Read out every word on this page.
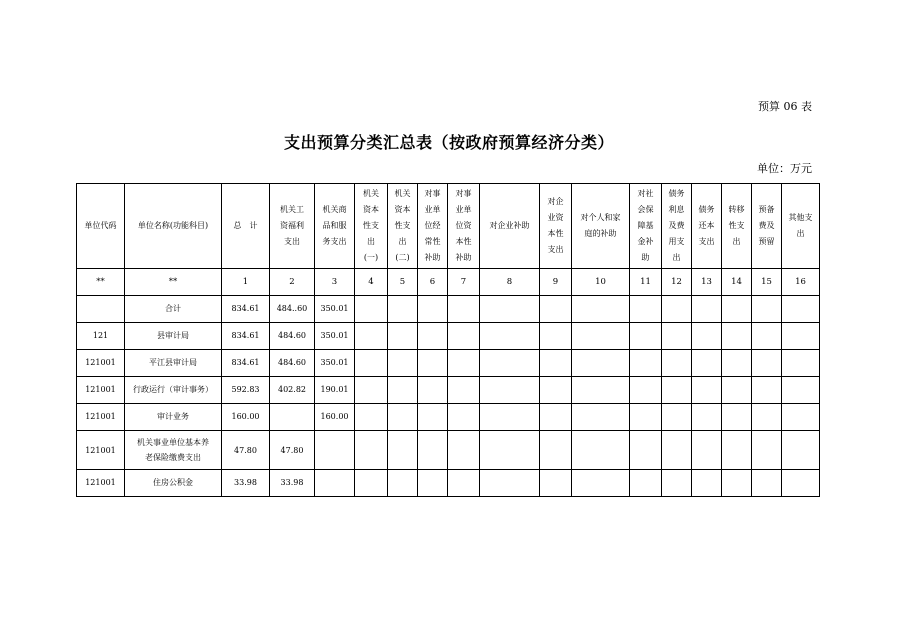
预算 06 表
支出预算分类汇总表（按政府预算经济分类）
单位：万元
单位代码	单位名称(功能科目)	总　计	机关工
资福利
支出	机关商
品和服
务支出	机关
资本
性支
出
(一)	机关
资本
性支
出
(二)	对事
业单
位经
常性
补助	对事
业单
位资
本性
补助	对企业补助	对企
业资
本性
支出	对个人和家
庭的补助	对社
会保
障基
金补
助	债务
利息
及费
用支
出	债务
还本
支出	转移
性支
出	预备
费及
预留	其他支
出
**	**	1	2	3	4	5	6	7	8	9	10	11	12	13	14	15	16
	合计	834.61	484..60	350.01													
121	县审计局	834.61	484.60	350.01													
121001	平江县审计局	834.61	484.60	350.01													
121001	行政运行（审计事务）	592.83	402.82	190.01													
121001	审计业务	160.00		160.00													
121001	机关事业单位基本养
老保险缴费支出	47.80	47.80														
121001	住房公积金	33.98	33.98														
